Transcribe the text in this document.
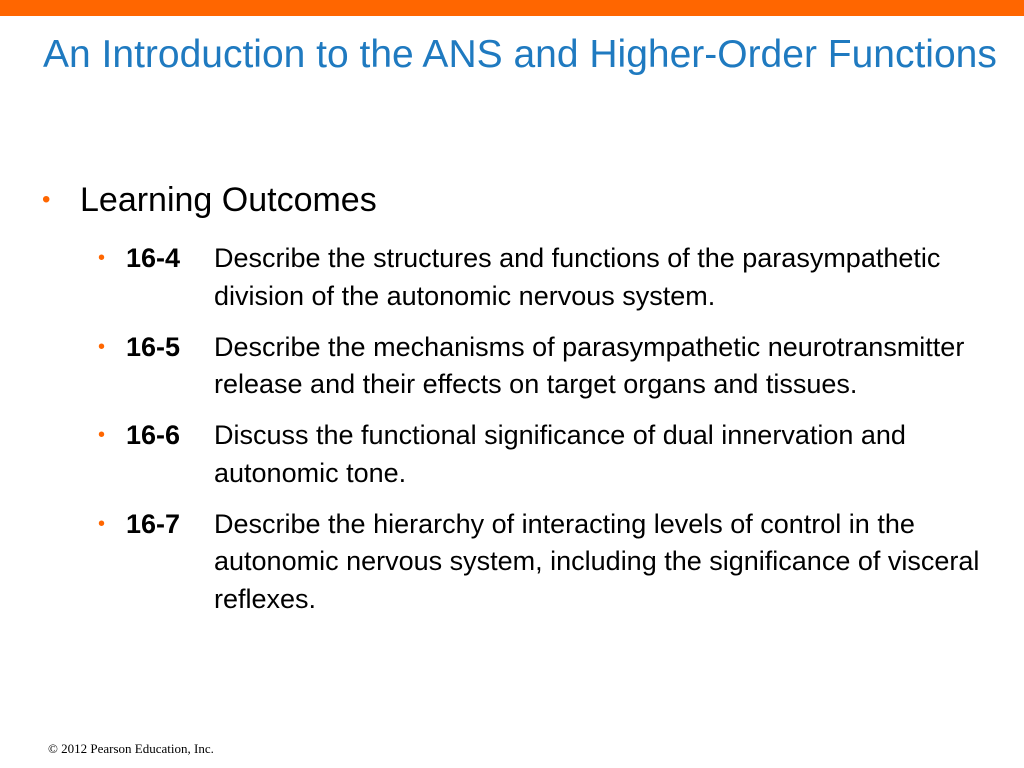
An Introduction to the ANS and Higher-Order Functions
• Learning Outcomes
• 16-4	Describe the structures and functions of the parasympathetic division of the autonomic nervous system.
• 16-5	Describe the mechanisms of parasympathetic neurotransmitter release and their effects on target organs and tissues.
• 16-6	Discuss the functional significance of dual innervation and autonomic tone.
• 16-7	Describe the hierarchy of interacting levels of control in the autonomic nervous system, including the significance of visceral reflexes.
© 2012 Pearson Education, Inc.
